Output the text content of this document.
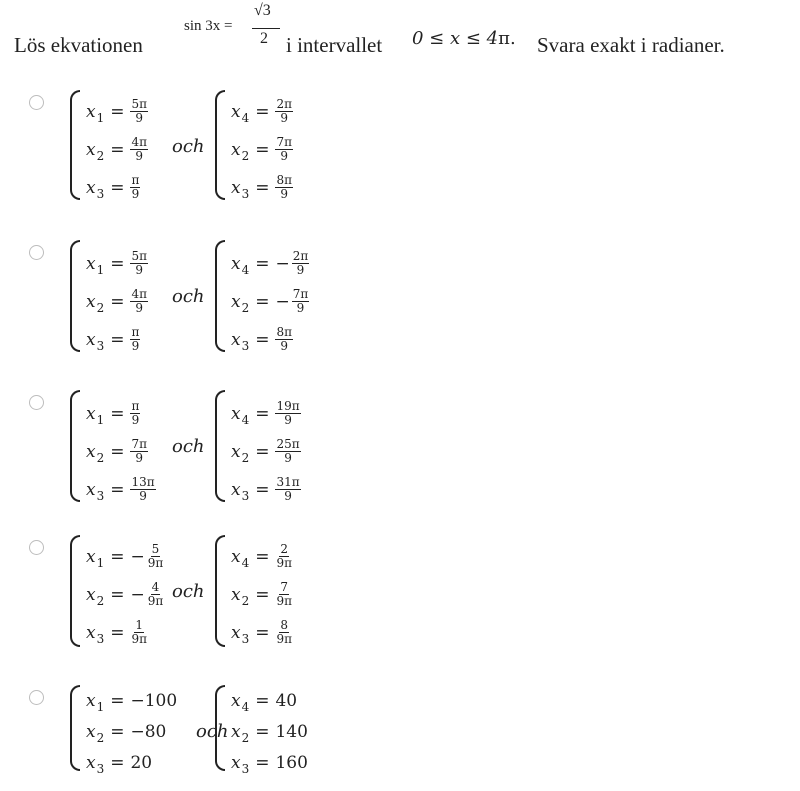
Lös ekvationen
sin 3x =
√3
2 i intervallet 0 ≤ x ≤ 4π. Svara exakt i radianer.
$x_1 = \frac{5\pi}{9}$
$x_2 = \frac{4\pi}{9}$
$x_3 = \frac{\pi}{9}$
$x_4 = \frac{2\pi}{9}$
$x_2 = \frac{7\pi}{9}$
$x_3 = \frac{8\pi}{9}$
och
$x_1 = \frac{5\pi}{9}$
$x_2 = \frac{4\pi}{9}$
$x_3 = \frac{\pi}{9}$
$x_4$ = − $\frac{2\pi}{9}$
$x_2$ = − $\frac{7\pi}{9}$
$x_3 = \frac{8\pi}{9}$
och
$x_1 = \frac{\pi}{9}$
$x_2 = \frac{7\pi}{9}$
$x_3 = \frac{13\pi}{9}$
$x_4 = \frac{19\pi}{9}$
$x_2 = \frac{25\pi}{9}$
$x_3 = \frac{31\pi}{9}$
och
$x_1$ = − $\frac{5}{9\pi}$
$x_2$ = − $\frac{4}{9\pi}$
$x_3 = \frac{1}{9\pi}$
$x_4 = \frac{2}{9\pi}$
$x_2 = \frac{7}{9\pi}$
$x_3 = \frac{8}{9\pi}$
och
$x_1 = -100$
$x_2 = -80$
$x_3 = 20$
$x_4 = 40$
$x_2 = 140$
$x_3 = 160$
och
